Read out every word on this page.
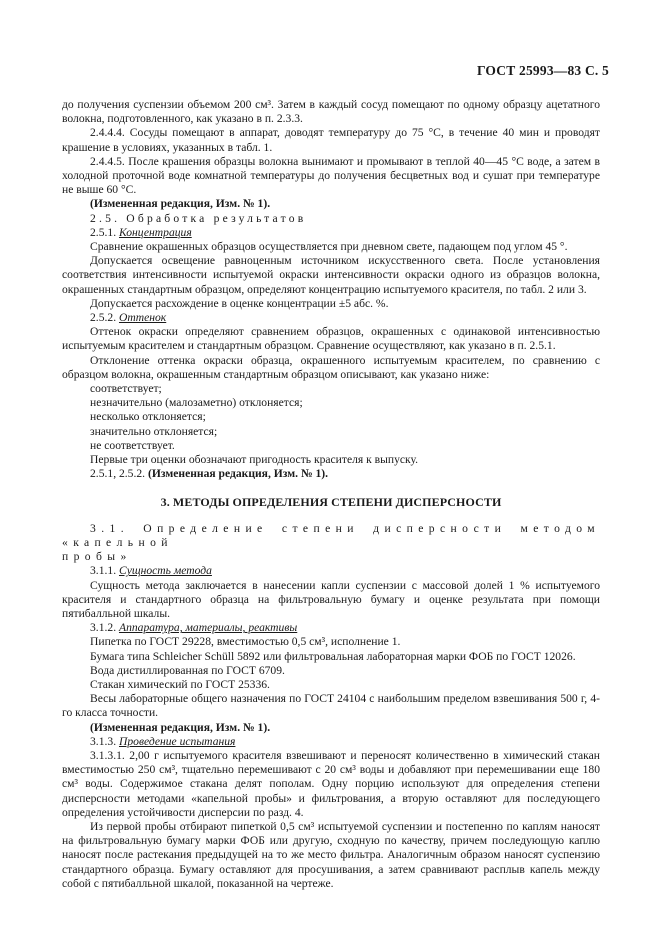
ГОСТ 25993—83 С. 5

до получения суспензии объемом 200 см³. Затем в каждый сосуд помещают по одному образцу ацетатного волокна, подготовленного, как указано в п. 2.3.3.

2.4.4.4. Сосуды помещают в аппарат, доводят температуру до 75 °С, в течение 40 мин и проводят крашение в условиях, указанных в табл. 1.

2.4.4.5. После крашения образцы волокна вынимают и промывают в теплой 40—45 °С воде, а затем в холодной проточной воде комнатной температуры до получения бесцветных вод и сушат при температуре не выше 60 °С.

(Измененная редакция, Изм. № 1).

2.5. Обработка результатов

2.5.1. Концентрация

Сравнение окрашенных образцов осуществляется при дневном свете, падающем под углом 45 °.

Допускается освещение равноценным источником искусственного света. После установления соответствия интенсивности испытуемой окраски интенсивности окраски одного из образцов волокна, окрашенных стандартным образцом, определяют концентрацию испытуемого красителя, по табл. 2 или 3.

Допускается расхождение в оценке концентрации ±5 абс. %.

2.5.2. Оттенок

Оттенок окраски определяют сравнением образцов, окрашенных с одинаковой интенсивностью испытуемым красителем и стандартным образцом. Сравнение осуществляют, как указано в п. 2.5.1.

Отклонение оттенка окраски образца, окрашенного испытуемым красителем, по сравнению с образцом волокна, окрашенным стандартным образцом описывают, как указано ниже:

соответствует;

незначительно (малозаметно) отклоняется;

несколько отклоняется;

значительно отклоняется;

не соответствует.

Первые три оценки обозначают пригодность красителя к выпуску.

2.5.1, 2.5.2. (Измененная редакция, Изм. № 1).

3. МЕТОДЫ ОПРЕДЕЛЕНИЯ СТЕПЕНИ ДИСПЕРСНОСТИ

3.1. Определение степени дисперсности методом «капельной

пробы»

3.1.1. Сущность метода

Сущность метода заключается в нанесении капли суспензии с массовой долей 1 % испытуемого красителя и стандартного образца на фильтровальную бумагу и оценке результата при помощи пятибалльной шкалы.

3.1.2. Аппаратура, материалы, реактивы

Пипетка по ГОСТ 29228, вместимостью 0,5 см³, исполнение 1.

Бумага типа Schleicher Schüll 5892 или фильтровальная лабораторная марки ФОБ по ГОСТ 12026.

Вода дистиллированная по ГОСТ 6709.

Стакан химический по ГОСТ 25336.

Весы лабораторные общего назначения по ГОСТ 24104 с наибольшим пределом взвешивания 500 г, 4-го класса точности.

(Измененная редакция, Изм. № 1).

3.1.3. Проведение испытания

3.1.3.1. 2,00 г испытуемого красителя взвешивают и переносят количественно в химический стакан вместимостью 250 см³, тщательно перемешивают с 20 см³ воды и добавляют при перемешивании еще 180 см³ воды. Содержимое стакана делят пополам. Одну порцию используют для определения степени дисперсности методами «капельной пробы» и фильтрования, а вторую оставляют для последующего определения устойчивости дисперсии по разд. 4.

Из первой пробы отбирают пипеткой 0,5 см³ испытуемой суспензии и постепенно по каплям наносят на фильтровальную бумагу марки ФОБ или другую, сходную по качеству, причем последующую каплю наносят после растекания предыдущей на то же место фильтра. Аналогичным образом наносят суспензию стандартного образца. Бумагу оставляют для просушивания, а затем сравнивают расплыв капель между собой с пятибалльной шкалой, показанной на чертеже.
